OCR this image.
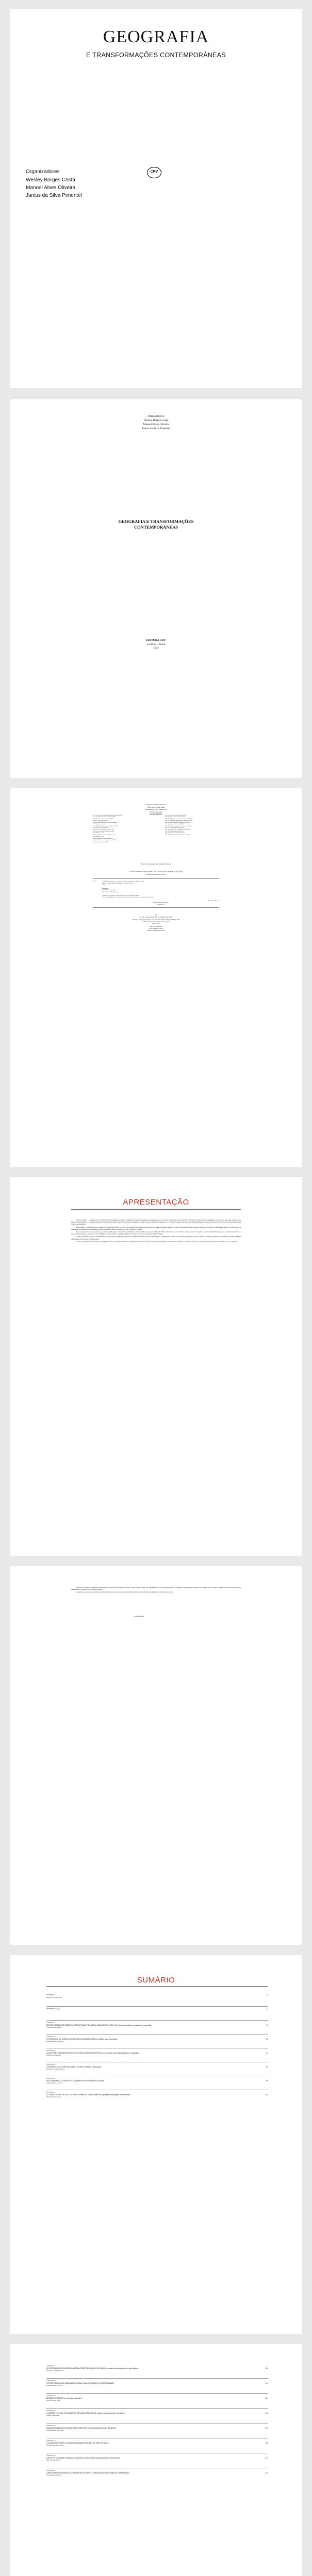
GEOGRAFIA
E TRANSFORMAÇÕES CONTEMPORÂNEAS
Organizadores
Wesley Borges Costa
Manoel Alves Oliveira
Junius da Silva Pimentel
CRV
Organizadores
Wesley Borges Costa
Manoel Alves Oliveira
Junius da Silva Pimentel
GEOGRAFIA E TRANSFORMAÇÕES
CONTEMPORÂNEAS
EDITORA CRV
Curitiba - Brasil
2017
Copyright © da Editora CRV Ltda.
Editor-chefe: Railson Moura
Diagramação e Capa: Editora CRV
Revisão: Os Autores
Conselho Editorial:
Profª. Drª. Andréia da Silva Quintanilha Sousa (UNIR/UFRN)
Profª. Dr. Antônio Pereira Gaio Júnior (UFRRJ)
Profª. Drª. Carmen Tereza Velanga (UNIR)
Prof. Dr. Celso Conti (UFSCar)
Prof. Dr. Cesar Gerónimo Tello (Univer .Nacional
Três de Febrero - Argentina)
Profª. Drª. Elione Maria Nogueira Diogenes (UFAL)
Prof. Dr. Élsio José Corá (UFFS)
Prof. Dr. Francisco Carlos Duarte (PUC-PR)
Prof. Dr. Gloria Fariñas León (Universidade
de La Havana – Cuba)
Prof. Dr. Guillermo Arias Beatón (Universidade
de La Havana – Cuba)
Prof. Dr. Jailson Alves dos Santos (UFRJ)
Prof. Dr. João Adalberto Campato Junior (UNESP)
Prof. Dr. Josania Portela (UFPI)
Prof. Dr. Leonel Severo Rocha (UNISINOS)
Profª. Drª. Lourdes Helena da Silva (UFV)
Profª. Drª. Maria de Lourdes Pinto de Almeida (UNOESC)
Profª. Drª. Maria Lília Imbiriba Sousa Colares (UFOPA)
Prof. Dr. Paulo Romualdo Hernandes (UNIFAL-MG)
Prof. Dr. Rodrigo Pratte-Santos (UFES)
Profª. Drª. Maria Cristina dos Santos Bezerra (UFSCar)
Prof. Dr. Sérgio Nunes de Jesus (IFRO)
Profª. Drª. Solange Helena Ximenes-Rocha (UFOPA)
Profª. Drª. Sydione Santos (UEPG PR)
Prof. Dr. Tadeu Oliver Gonçalves (UFPA)
Profª. Drª. Tânia Suely Azevedo Brasileiro (UFOPA)
Este livro foi aprovado pelo Conselho Editorial.
DADOS INTERNACIONAIS DE CATALOGAÇÃO NA PUBLICAÇÃO (CIP)
CATALOGAÇÃO NA FONTE
G297	Geografia e transformações contemporâneas / Wesley Borges Costa, Manoel Alves de
Oliveira, Junius da Silva Pimentel (orgs.) – Curitiba: CRV, 2017.
224 p.
Bibliografia
ISBN 978-85-444-2042-8
DOI 10.24824/978854442042.8
1. Educação – geografia 2. Estudos urbanos 3. Desenvolvimento 4. Cidades
I. Costa, Wesley Borges. org. II. Oliveira, Manoel Alves de. org. III. Pimentel, Junius da Silva. IV. Título
CDU 37:911 CDD 371.9
Índice para catálogo sistemático
1. Geografia 371.9
2017
Foi feito o depósito legal conf. Lei 10.994 de 14/12/2004
Proibida a reprodução parcial ou total desta obra sem autorização da Editora CRV
Todos os direitos desta edição reservados pela:
Editora CRV
Tel.: (41) 3039-6418
www.editoracrv.com.br
E-mail: sac@editoracrv.com.br
APRESENTAÇÃO

Como toda ciência, a Geografia passa por transformações. Remodelagens de conceitos, adensamento de temas, aprimoramento metodológico e recepção de teorias se relacionam com um mundo de composições e relações espaciais profundamente novas, tanto em suas origens quanto em seus efeitos. O espaço geográfico é um conjunto indissociável de sistemas de objetos e sistemas de ações que se transformam ao longo do tempo, redefinindo as relações entre a sociedade e a natureza, bem como entre os diferentes lugares do planeta, que agora se encontram cada vez mais integrados pela técnica e pela informação.

Nesse contexto, a presente obra reúne resultados de pesquisas desenvolvidas no âmbito da pós-graduação em Geografia, abordando desde as dinâmicas urbanas e regionais até questões relacionadas ao ensino, à educação geográfica e à produção do conhecimento, sempre com a preocupação de compreender as transformações contemporâneas do espaço geográfico brasileiro e, de modo particular, do Nordeste e da Bahia.

Nossa preocupação foi de agregar estudos que revelam as transformações contemporâneas em diferentes escalas e territórios, em especial no Estado da Bahia, trazendo debates sobre a formação docente, o ensino de Geografia, o papel das cidades médias e pequenas, a reestruturação produtiva, o desenvolvimento regional, os territórios e as territorialidades, as políticas públicas e a questão ambiental, em um esforço coletivo de interpretação crítica da realidade.

O grupo de pesquisa "Geografia e Transformações Contemporâneas" (UNEB/CNPq) apresenta à comunidade este volume contendo temas debatidos e amadurecidos ao longo de seus encontros, seminários, projetos de pesquisa e orientações, reforçando a importância da produção acadêmica comprometida com os desafios do tempo presente.

A obra está organizada em onze capítulos, que dialogam entre si e oferecem um panorama das possibilidades analíticas da Geografia contemporânea, constituindo-se em material de referência para estudantes, professores e pesquisadores interessados nas transformações do espaço geográfico.

Nesse elan, ressaltamos as diferentes contribuições de cada autor, que ao longo dos capítulos, lançam olhares distintos, mas complementares, sobre a realidade geográfica. Acreditamos que a presente coletânea possa contribuir com os debates e reflexões em torno das transformações contemporâneas, estimulando novos estudos e pesquisas.

Agradecemos aos autores que aceitaram o convite para compor esta obra e a todos que, direta ou indiretamente, colaboraram para a sua realização. Desejamos uma boa leitura!

Os organizadores
SUMÁRIO
PREFÁCIO
Edite de Souza Souza
9
APRESENTAÇÃO	11
CAPÍTULO 1
BREVES REFLEXÕES SOBRE A GEOGRAFIA DAS PAISAGENS PARAMENSES (SÉC. XIX) e fundamentações em estudos de geografia
Wesley Borges Costa
13
CAPÍTULO 2
O CURRÍCULO DO CURSO DE LICENCIATURA EM GEOGRAFIA: desafios para a formação
Maria Geralda de Souza
29
CAPÍTULO 3
CONCEPÇÃO GEOCIENTÍFICA EM ESTUDOS DA GEOGRAFIA FÍSICA: os rumos de bacias hidrográficas e da paisagem
Manoel Alves Oliveira
47
CAPÍTULO 4
GEOGRAFIA FÍSICA NEATUALIDADE: conceitos, métodos e aplicações
Edvaldo de Oliveira Souza
67
CAPÍTULO 5
NOVO SEMIÁRIDO NORDESTINO: a gestão de recursos hídricos na Bahia
Ana Paula Nunes Pires
85
CAPÍTULO 6
LUTA PELA TERRA EM CAETITÉ-BAHIA: conflitos no campo a partir da implantação de projetos de mineração
Wesley Borges Costa
105
CAPÍTULO 7
AS CONTRADIÇÕES DO MODO CAPITALISTA DE PRODUÇÃO NO CAMPO: o avanço do agronegócio no oeste baiano
Junius da Silva Pimentel
123
CAPÍTULO 8
O TERRITÓRIO COMO DIMENSÃO ESPACIAL PARA ENTENDER A PLURIVERSIDADE
Gabriela Ribeiro Rocha
141
CAPÍTULO 9
DESENVOLVIMENTO: do velho ao sustentável
Mario Ferreira Silva
161
CAPÍTULO 10
O DIREITO POLÍTICO E O MUNICÍPIO DE LAGOA REAL-BAHIA: análise e considerações necessárias
Tadeus José Dorta
175
CAPÍTULO 11
ANÁLISE DO DESENVOLVIMENTO DO COMPLEXO EDUCACIONAL DE CAETITÉ-BAHIA
Vânia da Silva Maranhão
191
CAPÍTULO 12
O ENSINO SUPERIOR E A DINÂMICA URBANA REGIONAL DE CAETITÉ-BAHIA
Jacques Almeida Novais
205
CAPÍTULO 13
CAETITÉ E GUANAMBI: dinâmicas produtivas e transformações socioespaciais no sertão baiano
Élida Oliveira Souza
217
CAPÍTULO 14
A REDE URBANA DA BAHIA E AS PEQUENAS CIDADES: a reestruturação urbano-regional no sertão baiano
Wesley Borges Costa
233
